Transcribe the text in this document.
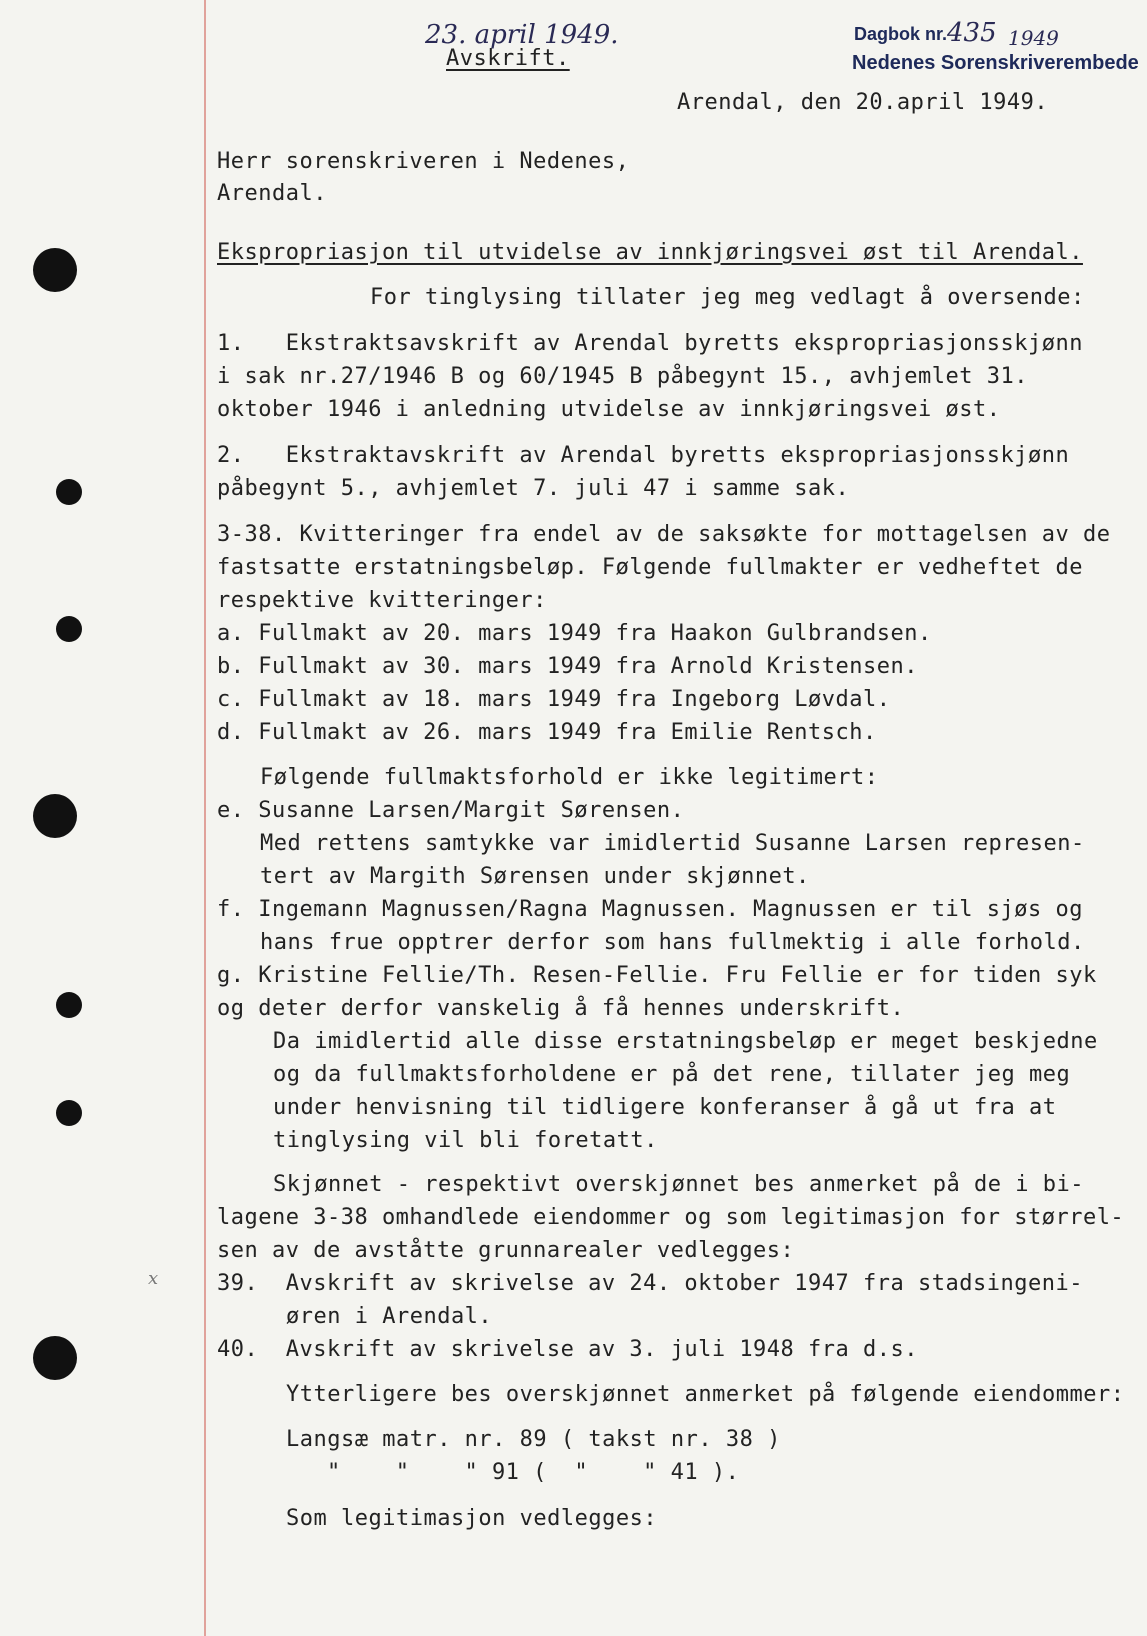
23. april 1949.
Avskrift.
Dagbok nr. 435 1949
Nedenes Sorenskriverembede
Arendal, den 20.april 1949.
Herr sorenskriveren i Nedenes,
Arendal.
Ekspropriasjon til utvidelse av innkjøringsvei øst til Arendal.
For tinglysing tillater jeg meg vedlagt å oversende:
1.   Ekstraktsavskrift av Arendal byretts ekspropriasjonsskjønn
i sak nr.27/1946 B og 60/1945 B påbegynt 15., avhjemlet 31.
oktober 1946 i anledning utvidelse av innkjøringsvei øst.
2.   Ekstraktavskrift av Arendal byretts ekspropriasjonsskjønn
påbegynt 5., avhjemlet 7. juli 47 i samme sak.
3-38. Kvitteringer fra endel av de saksøkte for mottagelsen av de
fastsatte erstatningsbeløp. Følgende fullmakter er vedheftet de
respektive kvitteringer:
a. Fullmakt av 20. mars 1949 fra Haakon Gulbrandsen.
b. Fullmakt av 30. mars 1949 fra Arnold Kristensen.
c. Fullmakt av 18. mars 1949 fra Ingeborg Løvdal.
d. Fullmakt av 26. mars 1949 fra Emilie Rentsch.
Følgende fullmaktsforhold er ikke legitimert:
e. Susanne Larsen/Margit Sørensen.
Med rettens samtykke var imidlertid Susanne Larsen represen-
tert av Margith Sørensen under skjønnet.
f. Ingemann Magnussen/Ragna Magnussen. Magnussen er til sjøs og
hans frue opptrer derfor som hans fullmektig i alle forhold.
g. Kristine Fellie/Th. Resen-Fellie. Fru Fellie er for tiden syk
og deter derfor vanskelig å få hennes underskrift.
Da imidlertid alle disse erstatningsbeløp er meget beskjedne
og da fullmaktsforholdene er på det rene, tillater jeg meg
under henvisning til tidligere konferanser å gå ut fra at
tinglysing vil bli foretatt.
Skjønnet - respektivt overskjønnet bes anmerket på de i bi-
lagene 3-38 omhandlede eiendommer og som legitimasjon for størrel-
sen av de avståtte grunnarealer vedlegges:
39.  Avskrift av skrivelse av 24. oktober 1947 fra stadsingeni-
øren i Arendal.
40.  Avskrift av skrivelse av 3. juli 1948 fra d.s.
Ytterligere bes overskjønnet anmerket på følgende eiendommer:
Langsæ matr. nr. 89 ( takst nr. 38 )
"    "    " 91 (  "    " 41 ).
Som legitimasjon vedlegges:
x
